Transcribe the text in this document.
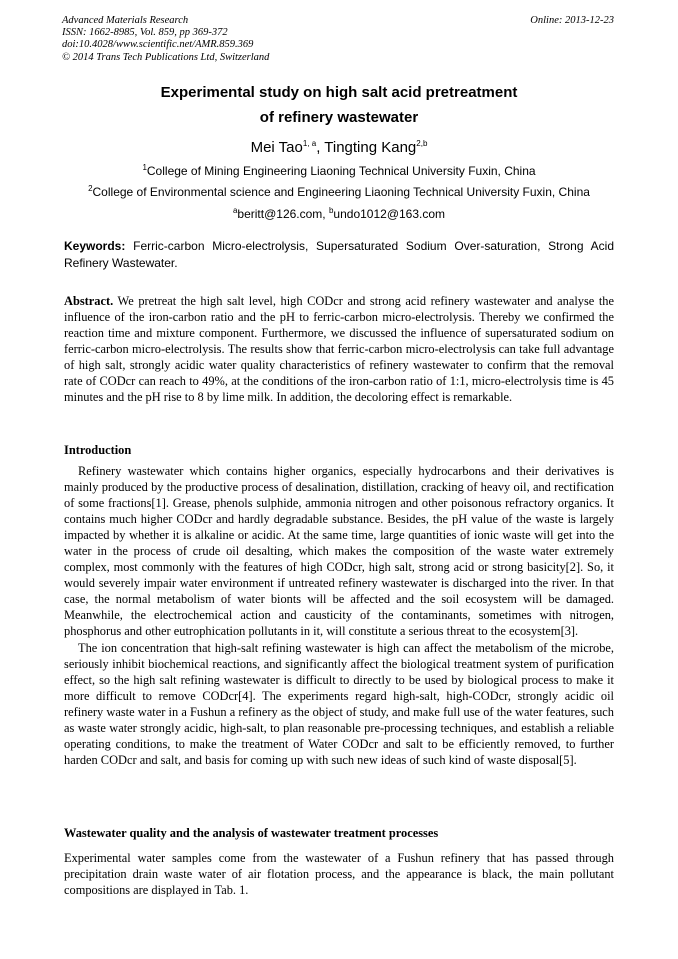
Advanced Materials Research
ISSN: 1662-8985, Vol. 859, pp 369-372
doi:10.4028/www.scientific.net/AMR.859.369
© 2014 Trans Tech Publications Ltd, Switzerland
Online: 2013-12-23
Experimental study on high salt acid pretreatment
of refinery wastewater
Mei Tao$^{1, a}$, Tingting Kang$^{2,b}$
$^1$College of Mining Engineering Liaoning Technical University Fuxin, China
$^2$College of Environmental science and Engineering Liaoning Technical University Fuxin, China
$^a$beritt@126.com, $^b$undo1012@163.com
Keywords: Ferric-carbon Micro-electrolysis, Supersaturated Sodium Over-saturation, Strong Acid Refinery Wastewater.
Abstract. We pretreat the high salt level, high CODcr and strong acid refinery wastewater and analyse the influence of the iron-carbon ratio and the pH to ferric-carbon micro-electrolysis. Thereby we confirmed the reaction time and mixture component. Furthermore, we discussed the influence of supersaturated sodium on ferric-carbon micro-electrolysis. The results show that ferric-carbon micro-electrolysis can take full advantage of high salt, strongly acidic water quality characteristics of refinery wastewater to confirm that the removal rate of CODcr can reach to 49%, at the conditions of the iron-carbon ratio of 1:1, micro-electrolysis time is 45 minutes and the pH rise to 8 by lime milk. In addition, the decoloring effect is remarkable.
Introduction

Refinery wastewater which contains higher organics, especially hydrocarbons and their derivatives is mainly produced by the productive process of desalination, distillation, cracking of heavy oil, and rectification of some fractions[1]. Grease, phenols sulphide, ammonia nitrogen and other poisonous refractory organics. It contains much higher CODcr and hardly degradable substance. Besides, the pH value of the waste is largely impacted by whether it is alkaline or acidic. At the same time, large quantities of ionic waste will get into the water in the process of crude oil desalting, which makes the composition of the waste water extremely complex, most commonly with the features of high CODcr, high salt, strong acid or strong basicity[2]. So, it would severely impair water environment if untreated refinery wastewater is discharged into the river. In that case, the normal metabolism of water bionts will be affected and the soil ecosystem will be damaged. Meanwhile, the electrochemical action and causticity of the contaminants, sometimes with nitrogen, phosphorus and other eutrophication pollutants in it, will constitute a serious threat to the ecosystem[3].

The ion concentration that high-salt refining wastewater is high can affect the metabolism of the microbe, seriously inhibit biochemical reactions, and significantly affect the biological treatment system of purification effect, so the high salt refining wastewater is difficult to directly to be used by biological process to make it more difficult to remove CODcr[4]. The experiments regard high-salt, high-CODcr, strongly acidic oil refinery waste water in a Fushun a refinery as the object of study, and make full use of the water features, such as waste water strongly acidic, high-salt, to plan reasonable pre-processing techniques, and establish a reliable operating conditions, to make the treatment of Water CODcr and salt to be efficiently removed, to further harden CODcr and salt, and basis for coming up with such new ideas of such kind of waste disposal[5].

Wastewater quality and the analysis of wastewater treatment processes

Experimental water samples come from the wastewater of a Fushun refinery that has passed through precipitation drain waste water of air flotation process, and the appearance is black, the main pollutant compositions are displayed in Tab. 1.
